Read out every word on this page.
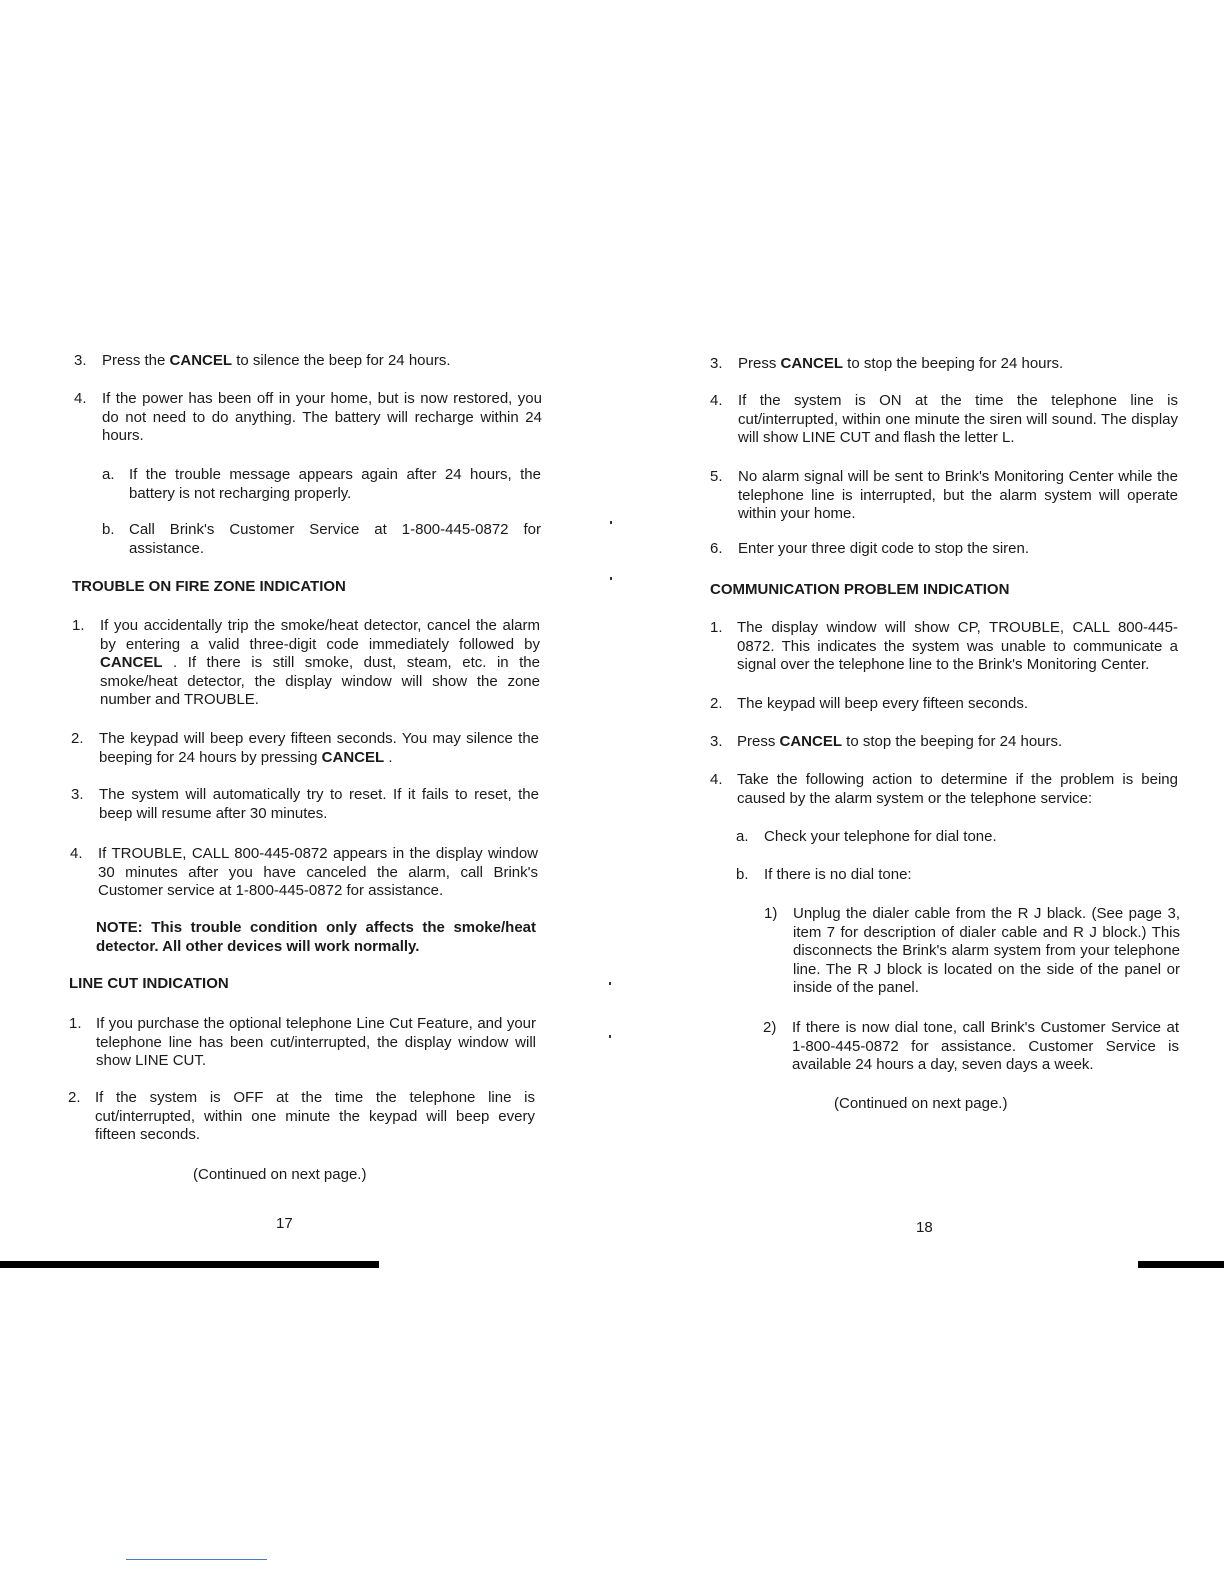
3. Press the CANCEL to silence the beep for 24 hours.
4. If the power has been off in your home, but is now restored, you do not need to do anything. The battery will recharge within 24 hours.
a. If the trouble message appears again after 24 hours, the battery is not recharging properly.
b. Call Brink's Customer Service at 1-800-445-0872 for assistance.
TROUBLE ON FIRE ZONE INDICATION
1. If you accidentally trip the smoke/heat detector, cancel the alarm by entering a valid three-digit code immediately followed by CANCEL . If there is still smoke, dust, steam, etc. in the smoke/heat detector, the display window will show the zone number and TROUBLE.
2. The keypad will beep every fifteen seconds. You may silence the beeping for 24 hours by pressing CANCEL .
3. The system will automatically try to reset. If it fails to reset, the beep will resume after 30 minutes.
4. If TROUBLE, CALL 800-445-0872 appears in the display window 30 minutes after you have canceled the alarm, call Brink's Customer service at 1-800-445-0872 for assistance.
NOTE: This trouble condition only affects the smoke/heat detector. All other devices will work normally.
LINE CUT INDICATION
1. If you purchase the optional telephone Line Cut Feature, and your telephone line has been cut/interrupted, the display window will show LINE CUT.
2. If the system is OFF at the time the telephone line is cut/interrupted, within one minute the keypad will beep every fifteen seconds.
(Continued on next page.)
17
3. Press CANCEL to stop the beeping for 24 hours.
4. If the system is ON at the time the telephone line is cut/interrupted, within one minute the siren will sound. The display will show LINE CUT and flash the letter L.
5. No alarm signal will be sent to Brink's Monitoring Center while the telephone line is interrupted, but the alarm system will operate within your home.
6. Enter your three digit code to stop the siren.
COMMUNICATION PROBLEM INDICATION
1. The display window will show CP, TROUBLE, CALL 800-445-0872. This indicates the system was unable to communicate a signal over the telephone line to the Brink's Monitoring Center.
2. The keypad will beep every fifteen seconds.
3. Press CANCEL to stop the beeping for 24 hours.
4. Take the following action to determine if the problem is being caused by the alarm system or the telephone service:
a. Check your telephone for dial tone.
b. If there is no dial tone:
1) Unplug the dialer cable from the R J black. (See page 3, item 7 for description of dialer cable and R J block.) This disconnects the Brink's alarm system from your telephone line. The R J block is located on the side of the panel or inside of the panel.
2) If there is now dial tone, call Brink's Customer Service at 1-800-445-0872 for assistance. Customer Service is available 24 hours a day, seven days a week.
(Continued on next page.)
18
